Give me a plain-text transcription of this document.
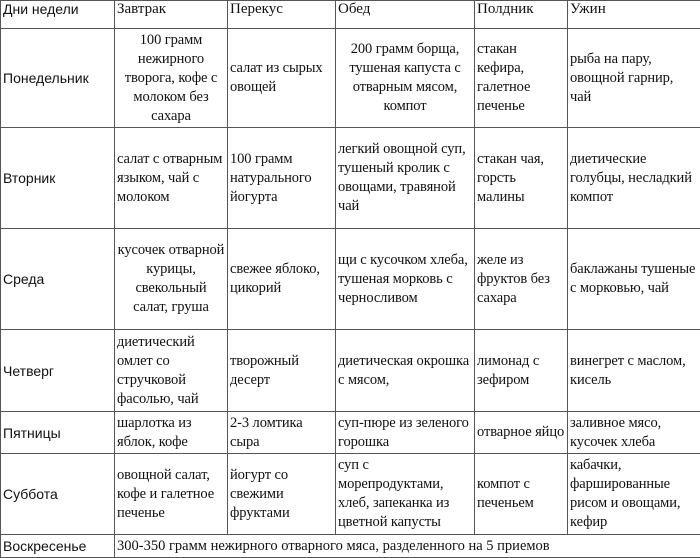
Дни недели	Завтрак	Перекус	Обед	Полдник	Ужин
Понедельник	100 грамм нежирного творога, кофе с молоком без сахара	салат из сырых овощей	200 грамм борща, тушеная капуста с отварным мясом, компот	стакан кефира, галетное печенье	рыба на пару, овощной гарнир, чай
Вторник	салат с отварным языком, чай с молоком	100 грамм натурального йогурта	легкий овощной суп, тушеный кролик с овощами, травяной чай	стакан чая, горсть малины	диетические голубцы, несладкий компот
Среда	кусочек отварной курицы, свекольный салат, груша	свежее яблоко, цикорий	щи с кусочком хлеба, тушеная морковь с черносливом	желе из фруктов без сахара	баклажаны тушеные с морковью, чай
Четверг	диетический омлет со стручковой фасолью, чай	творожный десерт	диетическая окрошка с мясом,	лимонад с зефиром	винегрет с маслом, кисель
Пятницы	шарлотка из яблок, кофе	2-3 ломтика сыра	суп-пюре из зеленого горошка	отварное яйцо	заливное мясо, кусочек хлеба
Суббота	овощной салат, кофе и галетное печенье	йогурт со свежими фруктами	суп с морепродуктами, хлеб, запеканка из цветной капусты	компот с печеньем	кабачки, фаршированные рисом и овощами, кефир
Воскресенье	300-350 грамм нежирного отварного мяса, разделенного на 5 приемов				
